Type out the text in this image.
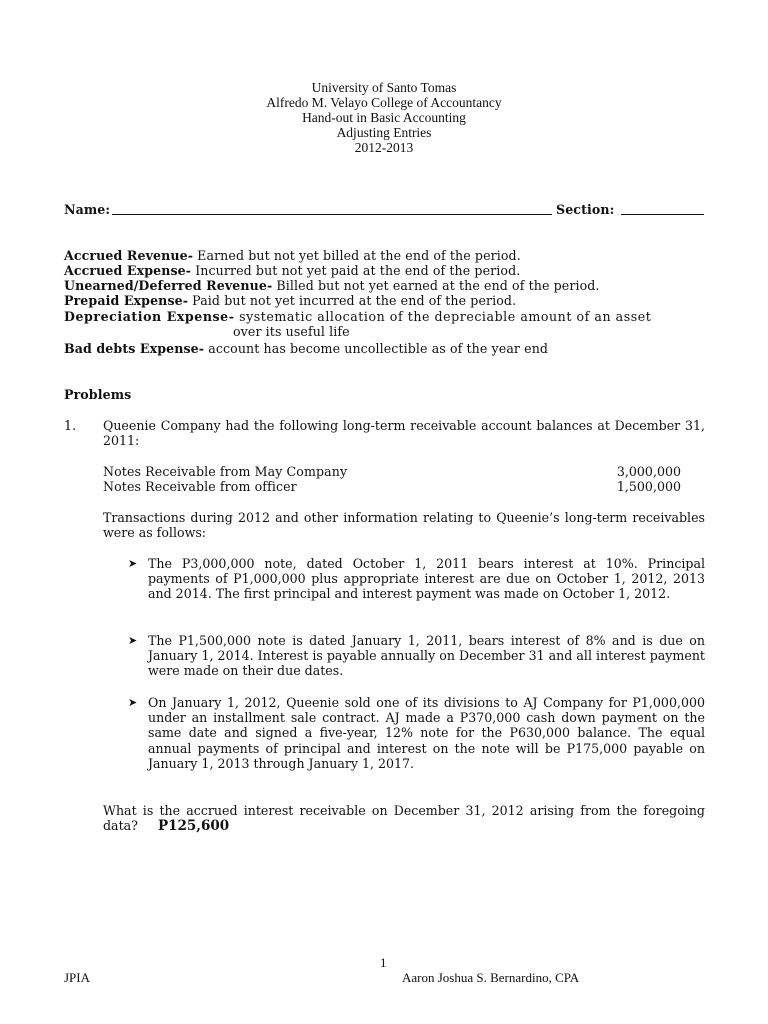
University of Santo Tomas
Alfredo M. Velayo College of Accountancy
Hand-out in Basic Accounting
Adjusting Entries
2012-2013
Name:	Section:
Accrued Revenue- Earned but not yet billed at the end of the period.
Accrued Expense- Incurred but not yet paid at the end of the period.
Unearned/Deferred Revenue- Billed but not yet earned at the end of the period.
Prepaid Expense- Paid but not yet incurred at the end of the period.
Depreciation Expense- systematic allocation of the depreciable amount of an asset
over its useful life
Bad debts Expense- account has become uncollectible as of the year end
Problems
1. Queenie Company had the following long-term receivable account balances at December 31, 2011:
Notes Receivable from May Company	3,000,000
Notes Receivable from officer	1,500,000
Transactions during 2012 and other information relating to Queenie’s long-term receivables were as follows:
➤ The P3,000,000 note, dated October 1, 2011 bears interest at 10%. Principal payments of P1,000,000 plus appropriate interest are due on October 1, 2012, 2013 and 2014. The first principal and interest payment was made on October 1, 2012.
➤ The P1,500,000 note is dated January 1, 2011, bears interest of 8% and is due on January 1, 2014. Interest is payable annually on December 31 and all interest payment were made on their due dates.
➤ On January 1, 2012, Queenie sold one of its divisions to AJ Company for P1,000,000 under an installment sale contract. AJ made a P370,000 cash down payment on the same date and signed a five-year, 12% note for the P630,000 balance. The equal annual payments of principal and interest on the note will be P175,000 payable on January 1, 2013 through January 1, 2017.
What is the accrued interest receivable on December 31, 2012 arising from the foregoing data? P125,600
1
JPIA	Aaron Joshua S. Bernardino, CPA
